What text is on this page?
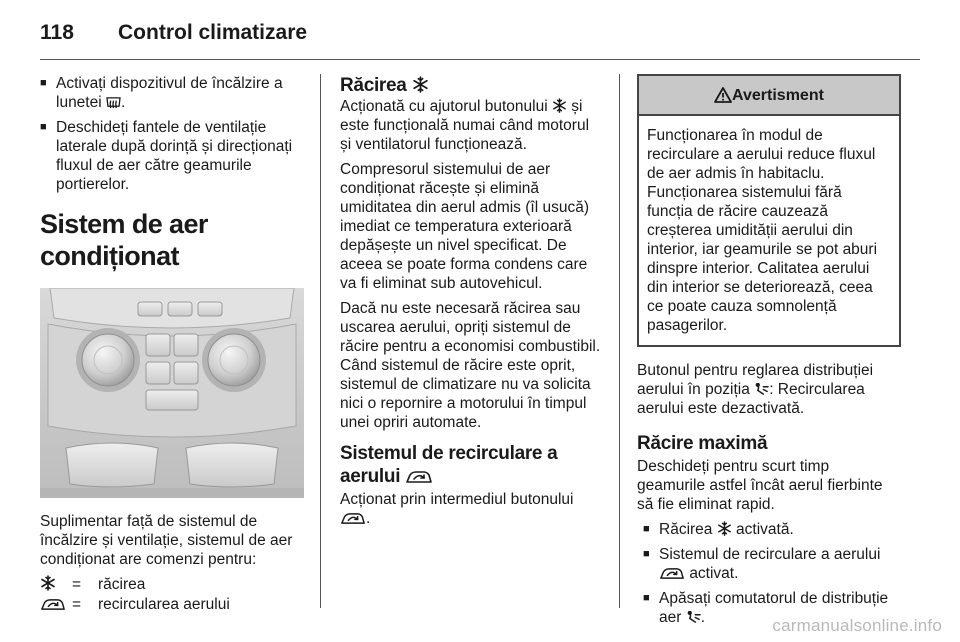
118	Control climatizare
■ Activați dispozitivul de încălzire a lunetei .
■ Deschideți fantele de ventilație laterale după dorință și direcționați fluxul de aer către geamurile portierelor.
Sistem de aer condiționat

Suplimentar față de sistemul de încălzire și ventilație, sistemul de aer condiționat are comenzi pentru:

=	răcirea
=	recircularea aerului
Răcirea

Acționată cu ajutorul butonului și este funcțională numai când motorul și ventilatorul funcționează.

Compresorul sistemului de aer condiționat răcește și elimină umiditatea din aerul admis (îl usucă) imediat ce temperatura exterioară depășește un nivel specificat. De aceea se poate forma condens care va fi eliminat sub autovehicul.

Dacă nu este necesară răcirea sau uscarea aerului, opriți sistemul de răcire pentru a economisi combustibil. Când sistemul de răcire este oprit, sistemul de climatizare nu va solicita nici o repornire a motorului în timpul unei opriri automate.

Sistemul de recirculare a
aerului

Acționat prin intermediul butonului
.

Avertisment
Funcționarea în modul de recirculare a aerului reduce fluxul de aer admis în habitaclu. Funcționarea sistemului fără funcția de răcire cauzează creșterea umidității aerului din interior, iar geamurile se pot aburi dinspre interior. Calitatea aerului din interior se deteriorează, ceea ce poate cauza somnolență pasagerilor.

Butonul pentru reglarea distribuției aerului în poziția : Recircularea aerului este dezactivată.

Răcire maximă

Deschideți pentru scurt timp geamurile astfel încât aerul fierbinte să fie eliminat rapid.

■ Răcirea activată.
■ Sistemul de recirculare a aerului
activat.
■ Apăsați comutatorul de distribuție aer .	carmanualsonline.info
